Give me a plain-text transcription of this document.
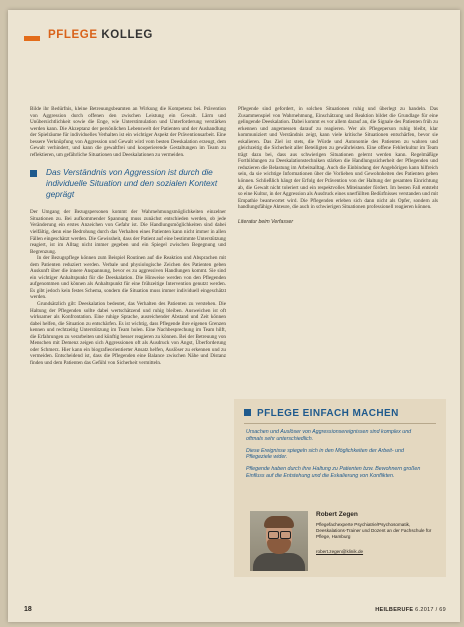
PFLEGE KOLLEG

Bilde ihr Bedürfnis, kleine Betreuungsbeamten an Wirkung die Kompetenz bei. Prävention von Aggression durch offenen den zwischen Leistung ein Gewalt. Lärm und Unübersichtlichkeit sowie die Enge, wie Unterstimulation und Unterforderung verstärken werden kann. Die Akzeptanz der persönlichen Lebenswelt der Patienten und der Aushandlung der Spielräume für individuelles Verhalten ist ein wichtiger Aspekt der Präventionsarbeit. Eine bessere Verknüpfung von Aggression und Gewalt wird vom besten Deeskalation erzeugt, dem Gewalt verhindert, und kann die gewaltfrei und kooperierende Gestaltungen im Team zu reflektieren, um gefährliche Situationen und Deeskalationen zu vermeiden.

Das Verständnis von Aggression ist durch die individuelle Situation und den sozialen Kontext geprägt

Der Umgang der Bezugspersonen kommt der Wahrnehmungsmöglichkeiten einzelner Situationen zu. Bei aufkommender Spannung muss zunächst entschieden werden, ob jede Veränderung ein erstes Anzeichen von Gefahr ist. Die Handlungsmöglichkeiten sind dabei vielfältig, denn eine Bedrohung durch das Verhalten eines Patienten kann nicht immer in allen Fällen eingeschätzt werden. Die Gewissheit, dass der Patient auf eine bestimmte Unterstützung reagiert, ist im Alltag nicht immer gegeben und ein Spiegel zwischen Begegnung und Begrenzung.

In der Bezugspflege können zum Beispiel Routinen auf die Reaktion und Absprachen mit dem Patienten reduziert werden. Verbale und physiologische Zeichen des Patienten geben Auskunft über die innere Anspannung, bevor es zu aggressiven Handlungen kommt. Sie sind ein wichtiger Anhaltspunkt für die Deeskalation. Die Hinweise werden von den Pflegenden aufgenommen und können als Anhaltspunkt für eine frühzeitige Intervention genutzt werden. Es gibt jedoch kein festes Schema, sondern die Situation muss immer individuell eingeschätzt werden.

Grundsätzlich gilt: Deeskalation bedeutet, das Verhalten des Patienten zu verstehen. Die Haltung der Pflegenden sollte dabei wertschätzend und ruhig bleiben. Ausweichen ist oft wirksamer als Konfrontation. Eine ruhige Sprache, ausreichender Abstand und Zeit können dabei helfen, die Situation zu entschärfen. Es ist wichtig, dass Pflegende ihre eigenen Grenzen kennen und rechtzeitig Unterstützung im Team holen. Eine Nachbesprechung im Team hilft, die Erfahrungen zu verarbeiten und künftig besser reagieren zu können. Bei der Betreuung von Menschen mit Demenz zeigen sich Aggressionen oft als Ausdruck von Angst, Überforderung oder Schmerz. Hier kann ein biografieorientierter Ansatz helfen, Auslöser zu erkennen und zu vermeiden. Entscheidend ist, dass die Pflegenden eine Balance zwischen Nähe und Distanz finden und dem Patienten das Gefühl von Sicherheit vermitteln.

Pflegende sind gefordert, in solchen Situationen ruhig und überlegt zu handeln. Das Zusammenspiel von Wahrnehmung, Einschätzung und Reaktion bildet die Grundlage für eine gelingende Deeskalation. Dabei kommt es vor allem darauf an, die Signale des Patienten früh zu erkennen und angemessen darauf zu reagieren. Wer als Pflegeperson ruhig bleibt, klar kommuniziert und Verständnis zeigt, kann viele kritische Situationen entschärfen, bevor sie eskalieren. Das Ziel ist stets, die Würde und Autonomie des Patienten zu wahren und gleichzeitig die Sicherheit aller Beteiligten zu gewährleisten. Eine offene Fehlerkultur im Team trägt dazu bei, dass aus schwierigen Situationen gelernt werden kann. Regelmäßige Fortbildungen zu Deeskalationstechniken stärken die Handlungssicherheit der Pflegenden und reduzieren die Belastung im Arbeitsalltag. Auch die Einbindung der Angehörigen kann hilfreich sein, da sie wichtige Informationen über die Vorlieben und Gewohnheiten des Patienten geben können. Schließlich hängt der Erfolg der Prävention von der Haltung der gesamten Einrichtung ab, die Gewalt nicht toleriert und ein respektvolles Miteinander fördert. Im besten Fall entsteht so eine Kultur, in der Aggression als Ausdruck eines unerfüllten Bedürfnisses verstanden und mit Empathie beantwortet wird. Die Pflegenden erleben sich dann nicht als Opfer, sondern als handlungsfähige Akteure, die auch in schwierigen Situationen professionell reagieren können.

Literatur beim Verfasser
PFLEGE EINFACH MACHEN

Ursachen und Auslöser von Aggressionsereignissen sind komplex und oftmals sehr unterschiedlich.

Diese Ereignisse spiegeln sich in den Möglichkeiten der Arbeit- und Pflegeziele wider.

Pflegende haben durch ihre Haltung zu Patienten bzw. Bewohnern großen Einfluss auf die Entstehung und die Eskalierung von Konflikten.

Robert Zegen

Pflegefachexperte Psychiatrie/Psychosomatik, Deeskalations-Trainer und Dozent an der Fachschule für Pflege, Hamburg

robert.zegen@klinik.de
18	HEILBERUFE 6.2017 / 69
